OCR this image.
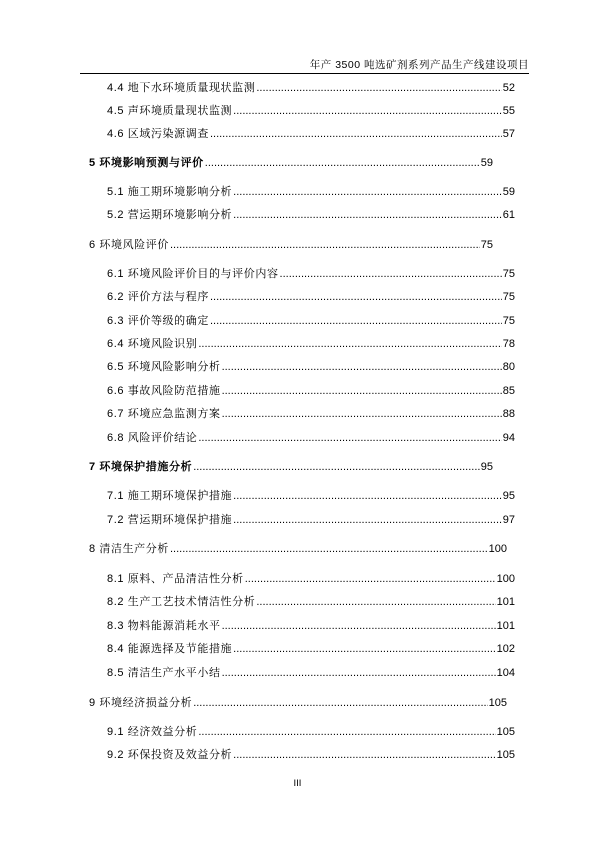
年产 3500 吨选矿剂系列产品生产线建设项目
4.4 地下水环境质量现状监测 .....	52
4.5 声环境质量现状监测 .....	55
4.6 区域污染源调查 .....	57
5 环境影响预测与评价 .....	59
5.1 施工期环境影响分析 .....	59
5.2 营运期环境影响分析 .....	61
6 环境风险评价 .....	75
6.1 环境风险评价目的与评价内容 .....	75
6.2 评价方法与程序 .....	75
6.3 评价等级的确定 .....	75
6.4 环境风险识别 .....	78
6.5 环境风险影响分析 .....	80
6.6 事故风险防范措施 .....	85
6.7 环境应急监测方案 .....	88
6.8 风险评价结论 .....	94
7 环境保护措施分析 .....	95
7.1 施工期环境保护措施 .....	95
7.2 营运期环境保护措施 .....	97
8 清洁生产分析 .....	100
8.1 原料、产品清洁性分析 .....	100
8.2 生产工艺技术情洁性分析 .....	101
8.3 物料能源消耗水平 .....	101
8.4 能源选择及节能措施 .....	102
8.5 清洁生产水平小结 .....	104
9 环境经济损益分析 .....	105
9.1 经济效益分析 .....	105
9.2 环保投资及效益分析 .....	105
III
